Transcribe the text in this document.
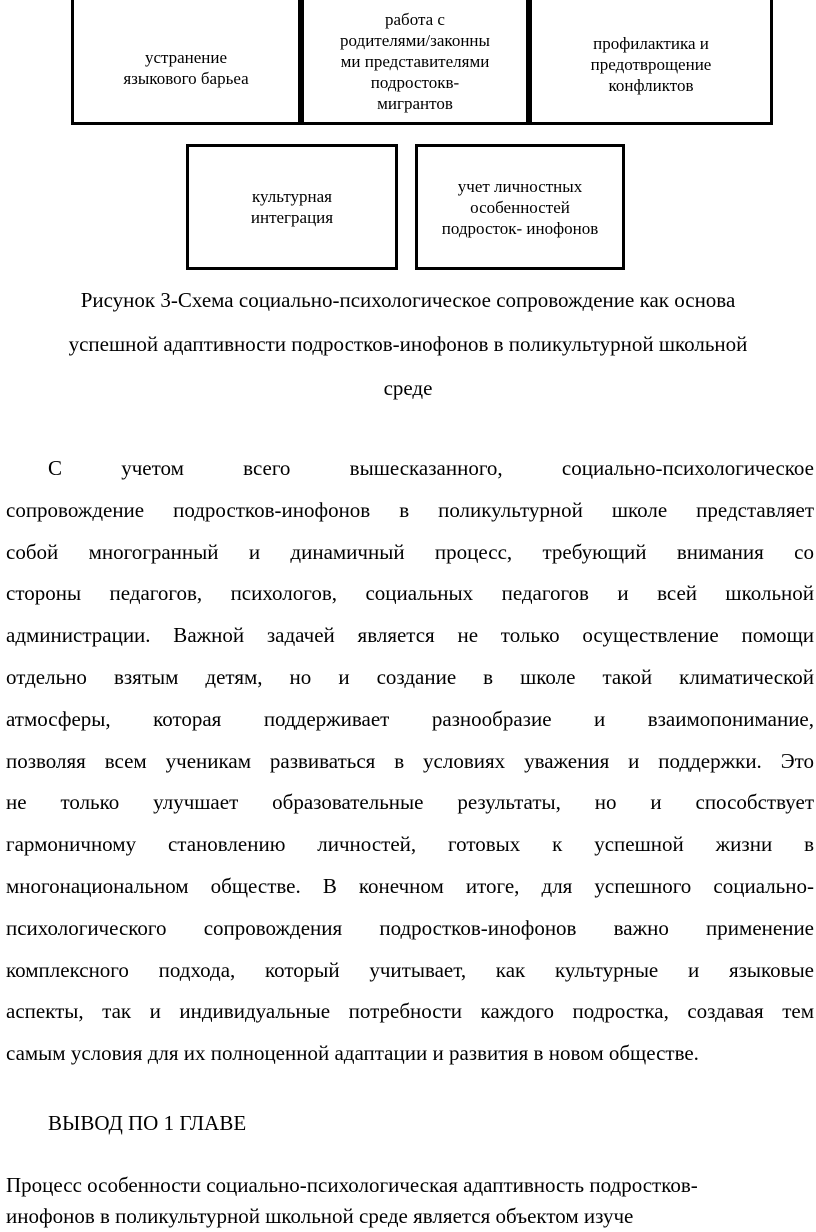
устранение
языкового барьеа
работа с
родителями/законны
ми представителями
подростокв-
мигрантов
профилактика и
предотврощение
конфликтов
культурная
интеграция
учет личностных
особенностей
подросток- инофонов
Рисунок 3-Схема социально-психологическое сопровождение как основа
успешной адаптивности подростков-инофонов в поликультурной школьной
среде
С учетом всего вышесказанного, социально-психологическое
сопровождение подростков-инофонов в поликультурной школе представляет
собой многогранный и динамичный процесс, требующий внимания со
стороны педагогов, психологов, социальных педагогов и всей школьной
администрации. Важной задачей является не только осуществление помощи
отдельно взятым детям, но и создание в школе такой климатической
атмосферы, которая поддерживает разнообразие и взаимопонимание,
позволяя всем ученикам развиваться в условиях уважения и поддержки. Это
не только улучшает образовательные результаты, но и способствует
гармоничному становлению личностей, готовых к успешной жизни в
многонациональном обществе. В конечном итоге, для успешного социально-
психологического сопровождения подростков-инофонов важно применение
комплексного подхода, который учитывает, как культурные и языковые
аспекты, так и индивидуальные потребности каждого подростка, создавая тем
самым условия для их полноценной адаптации и развития в новом обществе.
ВЫВОД ПО 1 ГЛАВЕ
Процесс особенности социально-психологическая адаптивность подростков-
инофонов в поликультурной школьной среде является объектом изуче
